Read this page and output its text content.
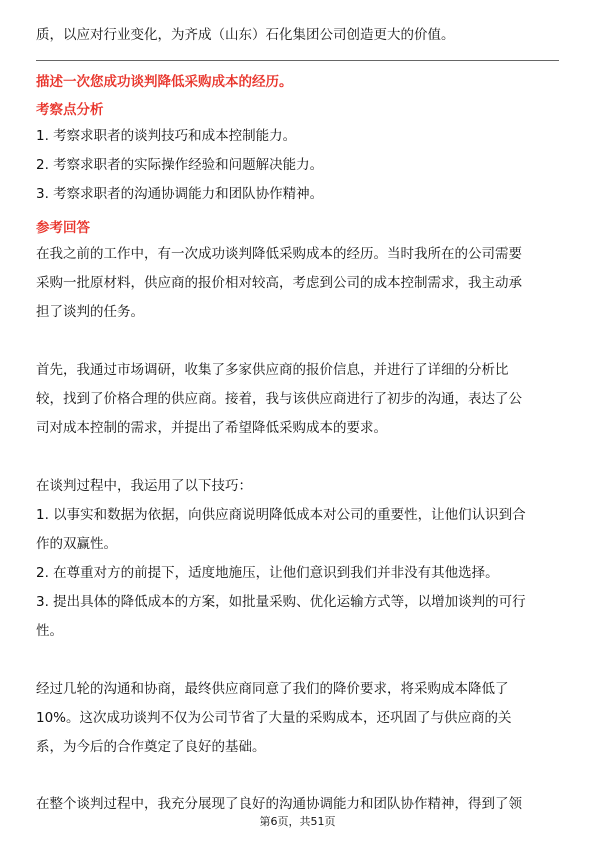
质，以应对行业变化，为齐成（山东）石化集团公司创造更大的价值。
描述一次您成功谈判降低采购成本的经历。
考察点分析
1. 考察求职者的谈判技巧和成本控制能力。
2. 考察求职者的实际操作经验和问题解决能力。
3. 考察求职者的沟通协调能力和团队协作精神。
参考回答
在我之前的工作中，有一次成功谈判降低采购成本的经历。当时我所在的公司需要
采购一批原材料，供应商的报价相对较高，考虑到公司的成本控制需求，我主动承
担了谈判的任务。
首先，我通过市场调研，收集了多家供应商的报价信息，并进行了详细的分析比
较，找到了价格合理的供应商。接着，我与该供应商进行了初步的沟通，表达了公
司对成本控制的需求，并提出了希望降低采购成本的要求。
在谈判过程中，我运用了以下技巧：
1. 以事实和数据为依据，向供应商说明降低成本对公司的重要性，让他们认识到合
作的双赢性。
2. 在尊重对方的前提下，适度地施压，让他们意识到我们并非没有其他选择。
3. 提出具体的降低成本的方案，如批量采购、优化运输方式等，以增加谈判的可行
性。
经过几轮的沟通和协商，最终供应商同意了我们的降价要求，将采购成本降低了
10%。这次成功谈判不仅为公司节省了大量的采购成本，还巩固了与供应商的关
系，为今后的合作奠定了良好的基础。
在整个谈判过程中，我充分展现了良好的沟通协调能力和团队协作精神，得到了领
第6页，共51页
